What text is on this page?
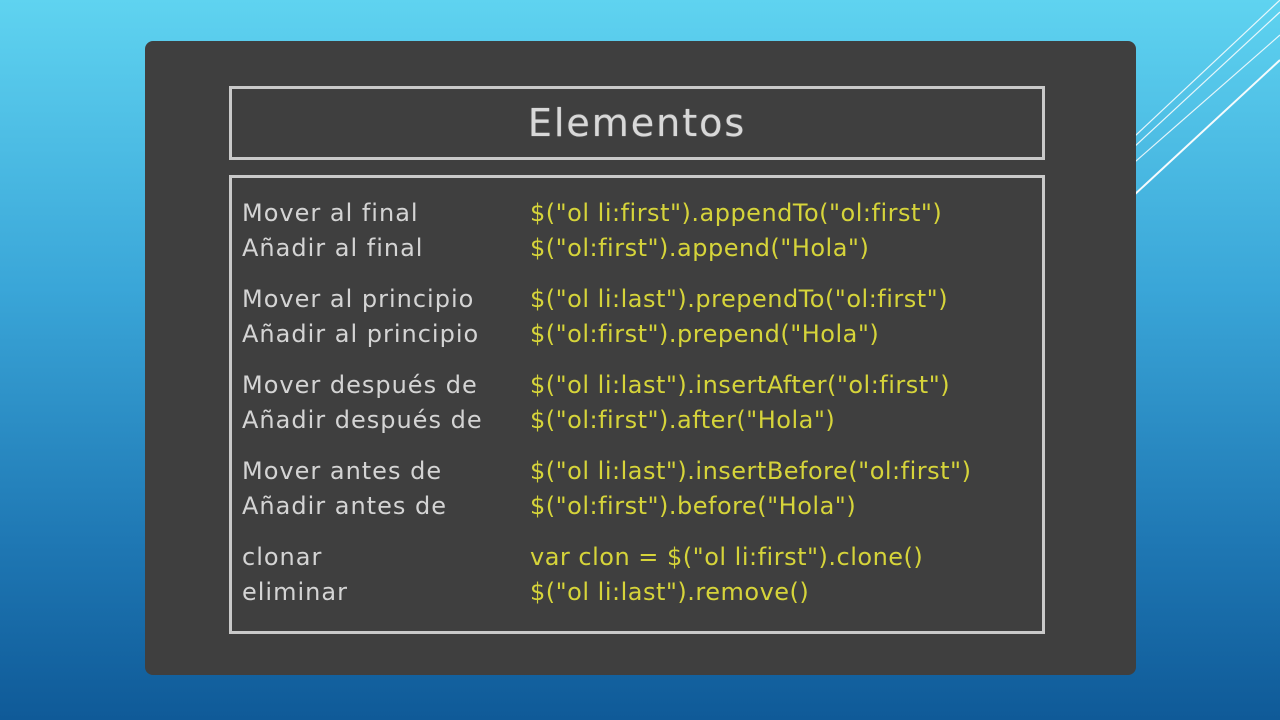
Elementos
Mover al final	$("ol li:first").appendTo("ol:first")
Añadir al final	$("ol:first").append("Hola")
Mover al principio $("ol li:last").prependTo("ol:first")
Añadir al principio $("ol:first").prepend("Hola")
Mover después de $("ol li:last").insertAfter("ol:first")
Añadir después de $("ol:first").after("Hola")
Mover antes de	$("ol li:last").insertBefore("ol:first")
Añadir antes de	$("ol:first").before("Hola")
clonar	var clon = $("ol li:first").clone()
eliminar	$("ol li:last").remove()
